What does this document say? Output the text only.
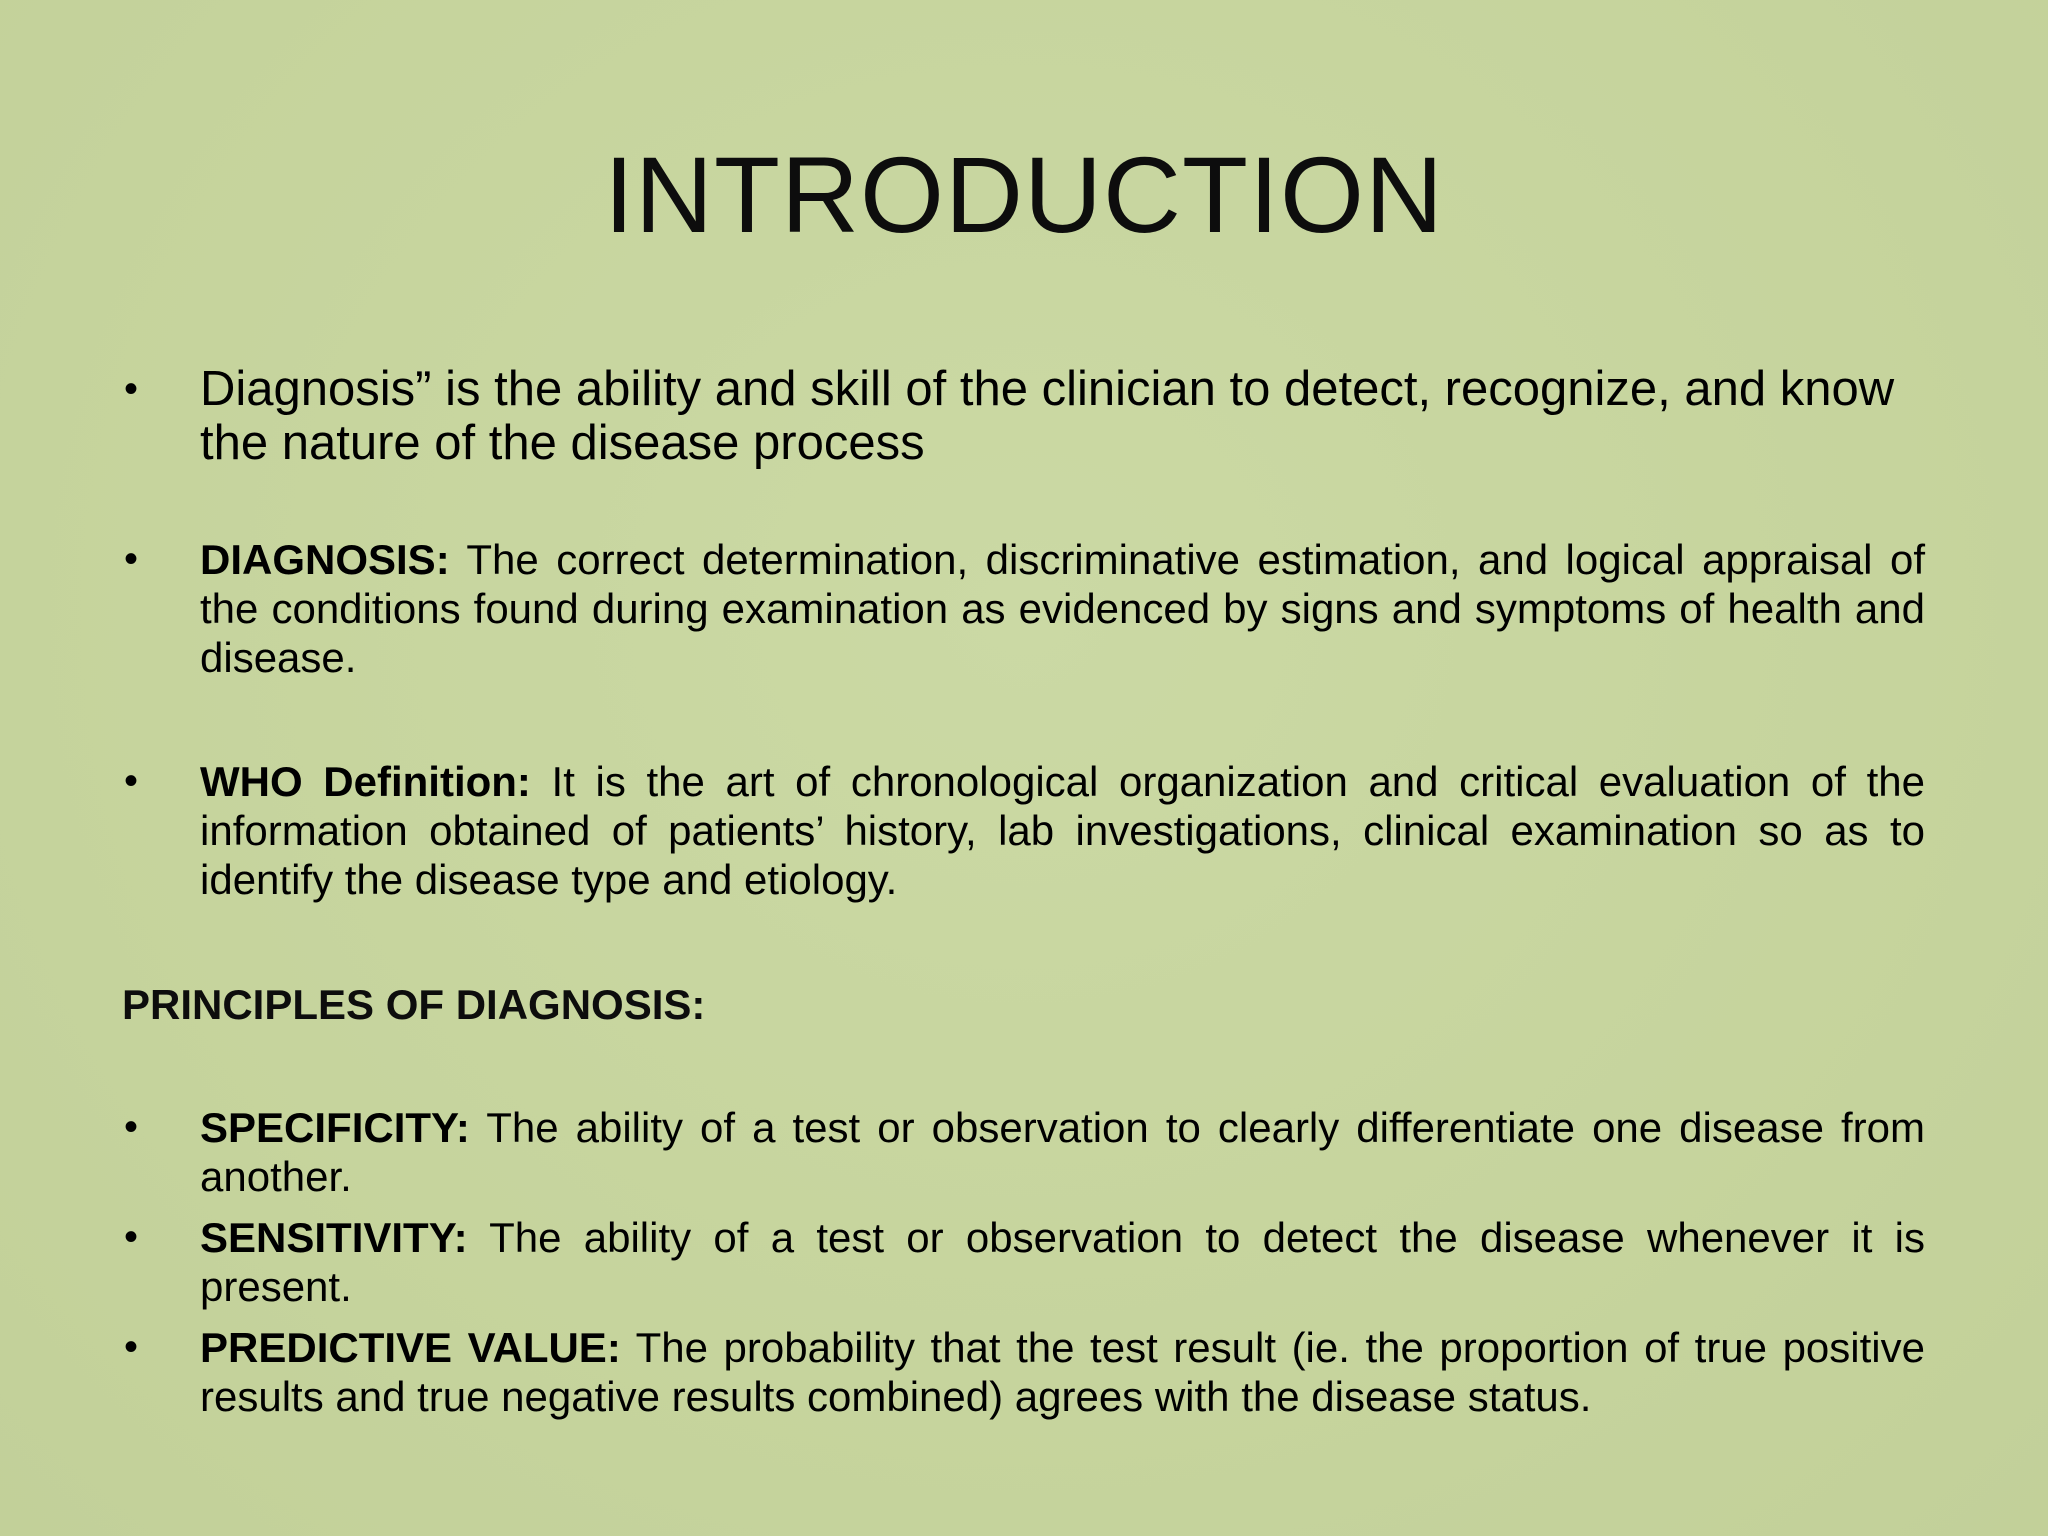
INTRODUCTION
• Diagnosis” is the ability and skill of the clinician to detect, recognize, and know the nature of the disease process
• DIAGNOSIS: The correct determination, discriminative estimation, and logical appraisal of the conditions found during examination as evidenced by signs and symptoms of health and disease.
• WHO Definition: It is the art of chronological organization and critical evaluation of the information obtained of patients’ history, lab investigations, clinical examination so as to identify the disease type and etiology.
PRINCIPLES OF DIAGNOSIS:
• SPECIFICITY: The ability of a test or observation to clearly differentiate one disease from another.
• SENSITIVITY: The ability of a test or observation to detect the disease whenever it is present.
• PREDICTIVE VALUE: The probability that the test result (ie. the proportion of true positive results and true negative results combined) agrees with the disease status.
